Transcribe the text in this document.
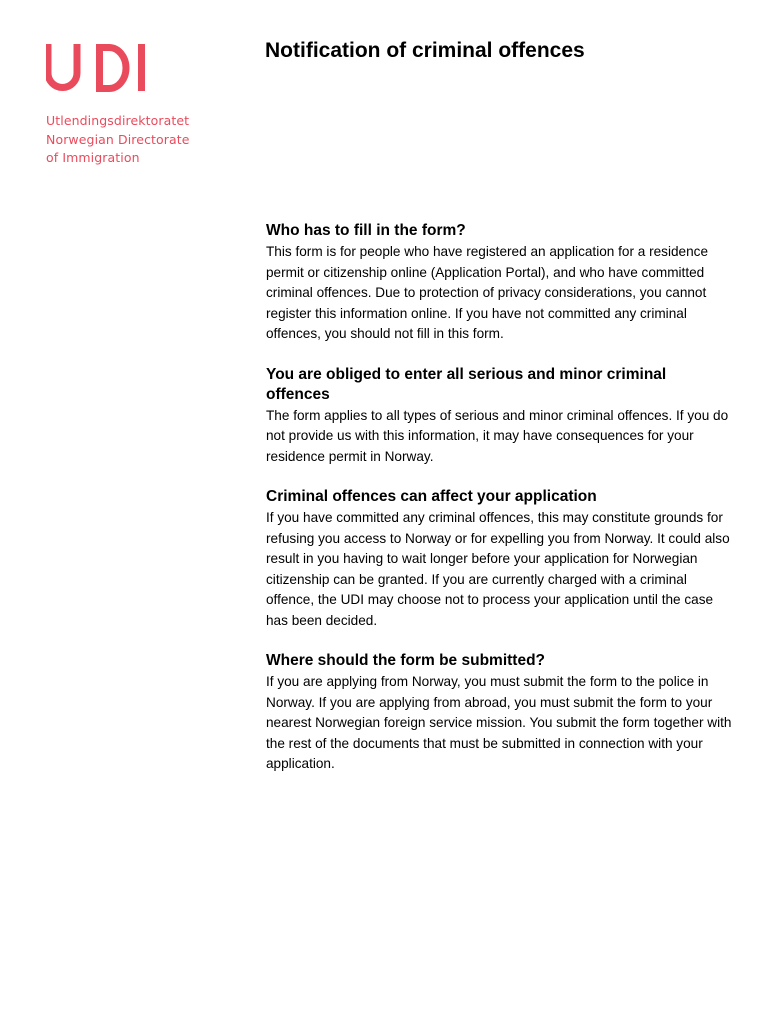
Utlendingsdirektoratet
Norwegian Directorate
of Immigration
Notification of criminal offences
Who has to fill in the form?

This form is for people who have registered an application for a residence permit or citizenship online (Application Portal), and who have committed criminal offences. Due to protection of privacy considerations, you cannot register this information online. If you have not committed any criminal offences, you should not fill in this form.

You are obliged to enter all serious and minor criminal offences

The form applies to all types of serious and minor criminal offences. If you do not provide us with this information, it may have consequences for your residence permit in Norway.

Criminal offences can affect your application

If you have committed any criminal offences, this may constitute grounds for refusing you access to Norway or for expelling you from Norway. It could also result in you having to wait longer before your application for Norwegian citizenship can be granted. If you are currently charged with a criminal offence, the UDI may choose not to process your application until the case has been decided.

Where should the form be submitted?

If you are applying from Norway, you must submit the form to the police in Norway. If you are applying from abroad, you must submit the form to your nearest Norwegian foreign service mission. You submit the form together with the rest of the documents that must be submitted in connection with your application.
